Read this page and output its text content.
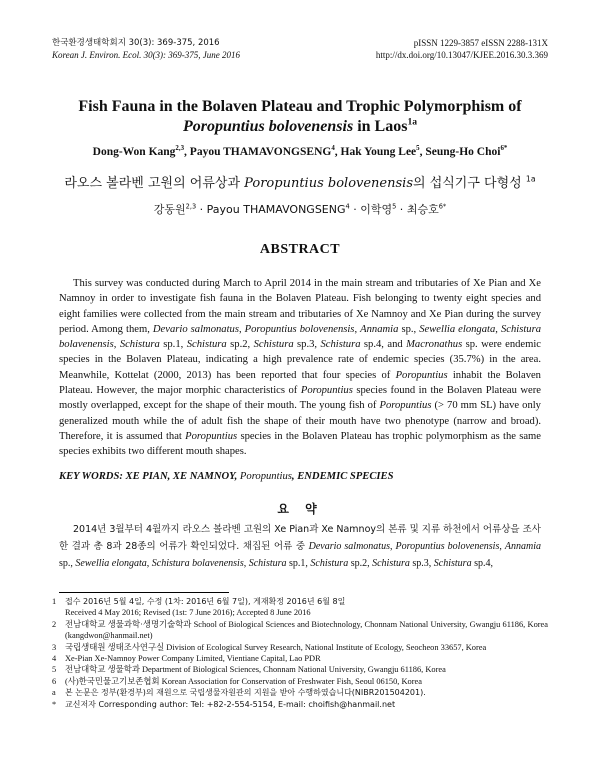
한국환경생태학회지 30(3): 369-375, 2016
Korean J. Environ. Ecol. 30(3): 369-375, June 2016
pISSN 1229-3857 eISSN 2288-131X
http://dx.doi.org/10.13047/KJEE.2016.30.3.369
Fish Fauna in the Bolaven Plateau and Trophic Polymorphism of
Poropuntius bolovenensis in Laos$^{1a}$
Dong-Won Kang$^{2,3}$, Payou THAMAVONGSENG$^4$, Hak Young Lee$^5$, Seung-Ho Choi$^{6*}$
라오스 볼라벤 고원의 어류상과 Poropuntius bolovenensis의 섭식기구 다형성 $^{1a}$
강동원$^{2,3}$ · Payou $THAMAVONGSENG^4$ · 이학영$^5$ · 최승호$^{6*}$
ABSTRACT
This survey was conducted during March to April 2014 in the main stream and tributaries of Xe Pian and Xe Namnoy in order to investigate fish fauna in the Bolaven Plateau. Fish belonging to twenty eight species and eight families were collected from the main stream and tributaries of Xe Namnoy and Xe Pian during the survey period. Among them, Devario salmonatus, Poropuntius bolovenensis, Annamia sp., Sewellia elongata, Schistura bolavenensis, Schistura sp.1, Schistura sp.2, Schistura sp.3, Schistura sp.4, and Macronathus sp. were endemic species in the Bolaven Plateau, indicating a high prevalence rate of endemic species (35.7%) in the area. Meanwhile, Kottelat (2000, 2013) has been reported that four species of Poropuntius inhabit the Bolaven Plateau. However, the major morphic characteristics of Poropuntius species found in the Bolaven Plateau were mostly overlapped, except for the shape of their mouth. The young fish of Poropuntius (> 70 mm SL) have only generalized mouth while the of adult fish the shape of their mouth have two phenotype (narrow and broad). Therefore, it is assumed that Poropuntius species in the Bolaven Plateau has trophic polymorphism as the same species exhibits two different mouth shapes.
KEY WORDS: XE PIAN, XE NAMNOY, Poropuntius, ENDEMIC SPECIES
요 약
2014년 3월부터 4월까지 라오스 볼라벤 고원의 Xe Pian과 Xe Namnoy의 본류 및 지류 하천에서 어류상을 조사한 결과 총 8과 28종의 어류가 확인되었다. 채집된 어류 중 Devario salmonatus, Poropuntius bolovenensis, Annamia sp., Sewellia elongata, Schistura bolavenensis, Schistura sp.1, Schistura sp.2, Schistura sp.3, Schistura sp.4,
1	접수 2016년 5월 4일, 수정 (1차: 2016년 6월 7일), 게재확정 2016년 6월 8일
Received 4 May 2016; Revised (1st: 7 June 2016); Accepted 8 June 2016
2	전남대학교 생물과학·생명기술학과 School of Biological Sciences and Biotechnology, Chonnam National University, Gwangju 61186, Korea (kangdwon@hanmail.net)
3	국립생태원 생태조사연구실 Division of Ecological Survey Research, National Institute of Ecology, Seocheon 33657, Korea
4	Xe-Pian Xe-Namnoy Power Company Limited, Vientiane Capital, Lao PDR
5	전남대학교 생물학과 Department of Biological Sciences, Chonnam National University, Gwangju 61186, Korea
6	(사)한국민물고기보존협회 Korean Association for Conservation of Freshwater Fish, Seoul 06150, Korea
a	본 논문은 정부(환경부)의 재원으로 국립생물자원관의 지원을 받아 수행하였습니다(NIBR201504201).
*	교신저자 Corresponding author: Tel: +82-2-554-5154, E-mail: choifish@hanmail.net
